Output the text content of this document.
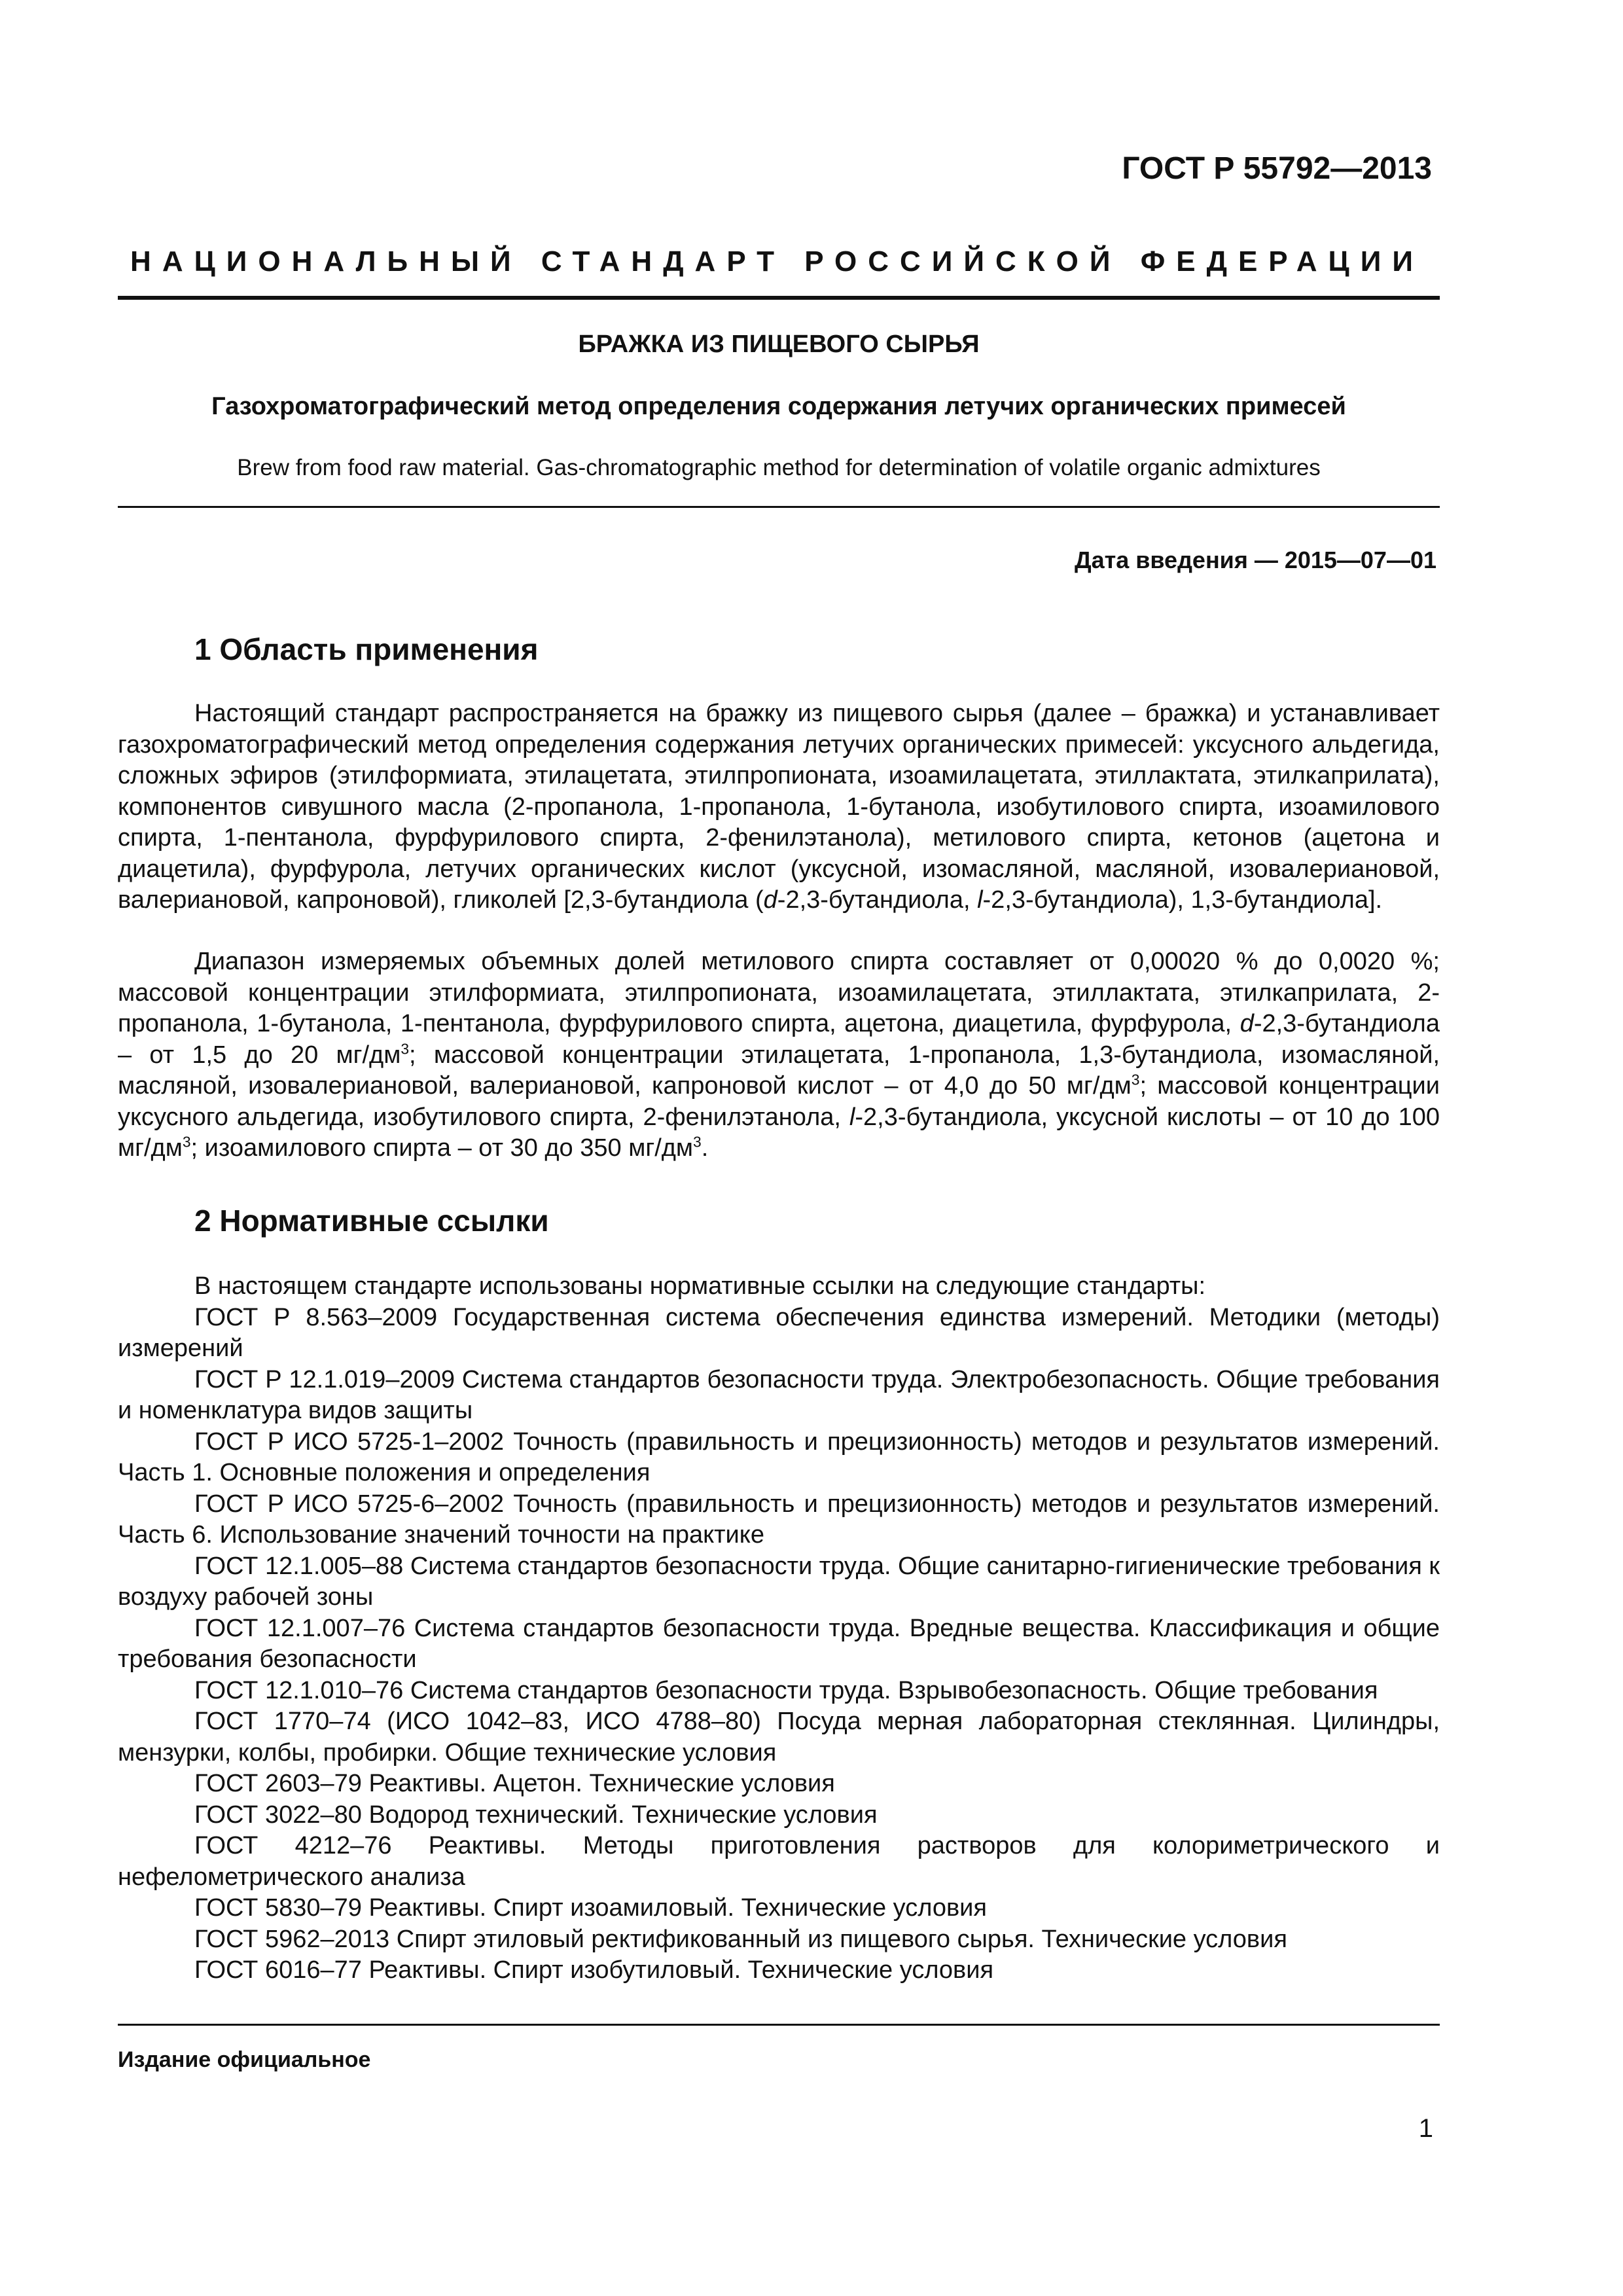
ГОСТ Р 55792—2013
НАЦИОНАЛЬНЫЙ СТАНДАРТ РОССИЙСКОЙ ФЕДЕРАЦИИ
БРАЖКА ИЗ ПИЩЕВОГО СЫРЬЯ
Газохроматографический метод определения содержания летучих органических примесей
Brew from food raw material. Gas-chromatographic method for determination of volatile organic admixtures
Дата введения — 2015—07—01
1 Область применения

Настоящий стандарт распространяется на бражку из пищевого сырья (далее – бражка) и устанавливает газохроматографический метод определения содержания летучих органических примесей: уксусного альдегида, сложных эфиров (этилформиата, этилацетата, этилпропионата, изоамилацетата, этиллактата, этилкаприлата), компонентов сивушного масла (2-пропанола, 1-пропанола, 1-бутанола, изобутилового спирта, изоамилового спирта, 1-пентанола, фурфурилового спирта, 2-фенилэтанола), метилового спирта, кетонов (ацетона и диацетила), фурфурола, летучих органических кислот (уксусной, изомасляной, масляной, изовалериановой, валериановой, капроновой), гликолей [2,3-бутандиола (d-2,3-бутандиола, l-2,3-бутандиола), 1,3-бутандиола].

Диапазон измеряемых объемных долей метилового спирта составляет от 0,00020 % до 0,0020 %; массовой концентрации этилформиата, этилпропионата, изоамилацетата, этиллактата, этилкаприлата, 2-пропанола, 1-бутанола, 1-пентанола, фурфурилового спирта, ацетона, диацетила, фурфурола, d-2,3-бутандиола – от 1,5 до 20 $мг/дм^3$; массовой концентрации этилацетата, 1-пропанола, 1,3-бутандиола, изомасляной, масляной, изовалериановой, валериановой, капроновой кислот – от 4,0 до 50 $мг/дм^3$; массовой концентрации уксусного альдегида, изобутилового спирта, 2-фенилэтанола, l-2,3-бутандиола, уксусной кислоты – от 10 до 100 $мг/дм^3$; изоамилового спирта – от 30 до 350 $мг/дм^3$.

2 Нормативные ссылки

В настоящем стандарте использованы нормативные ссылки на следующие стандарты:

ГОСТ Р 8.563–2009 Государственная система обеспечения единства измерений. Методики (методы) измерений

ГОСТ Р 12.1.019–2009 Система стандартов безопасности труда. Электробезопасность. Общие требования и номенклатура видов защиты

ГОСТ Р ИСО 5725-1–2002 Точность (правильность и прецизионность) методов и результатов измерений. Часть 1. Основные положения и определения

ГОСТ Р ИСО 5725-6–2002 Точность (правильность и прецизионность) методов и результатов измерений. Часть 6. Использование значений точности на практике

ГОСТ 12.1.005–88 Система стандартов безопасности труда. Общие санитарно-гигиенические требования к воздуху рабочей зоны

ГОСТ 12.1.007–76 Система стандартов безопасности труда. Вредные вещества. Классификация и общие требования безопасности

ГОСТ 12.1.010–76 Система стандартов безопасности труда. Взрывобезопасность. Общие требования

ГОСТ 1770–74 (ИСО 1042–83, ИСО 4788–80) Посуда мерная лабораторная стеклянная. Цилиндры, мензурки, колбы, пробирки. Общие технические условия

ГОСТ 2603–79 Реактивы. Ацетон. Технические условия

ГОСТ 3022–80 Водород технический. Технические условия

ГОСТ 4212–76 Реактивы. Методы приготовления растворов для колориметрического и нефелометрического анализа

ГОСТ 5830–79 Реактивы. Спирт изоамиловый. Технические условия

ГОСТ 5962–2013 Спирт этиловый ректификованный из пищевого сырья. Технические условия

ГОСТ 6016–77 Реактивы. Спирт изобутиловый. Технические условия

Издание официальное
1
